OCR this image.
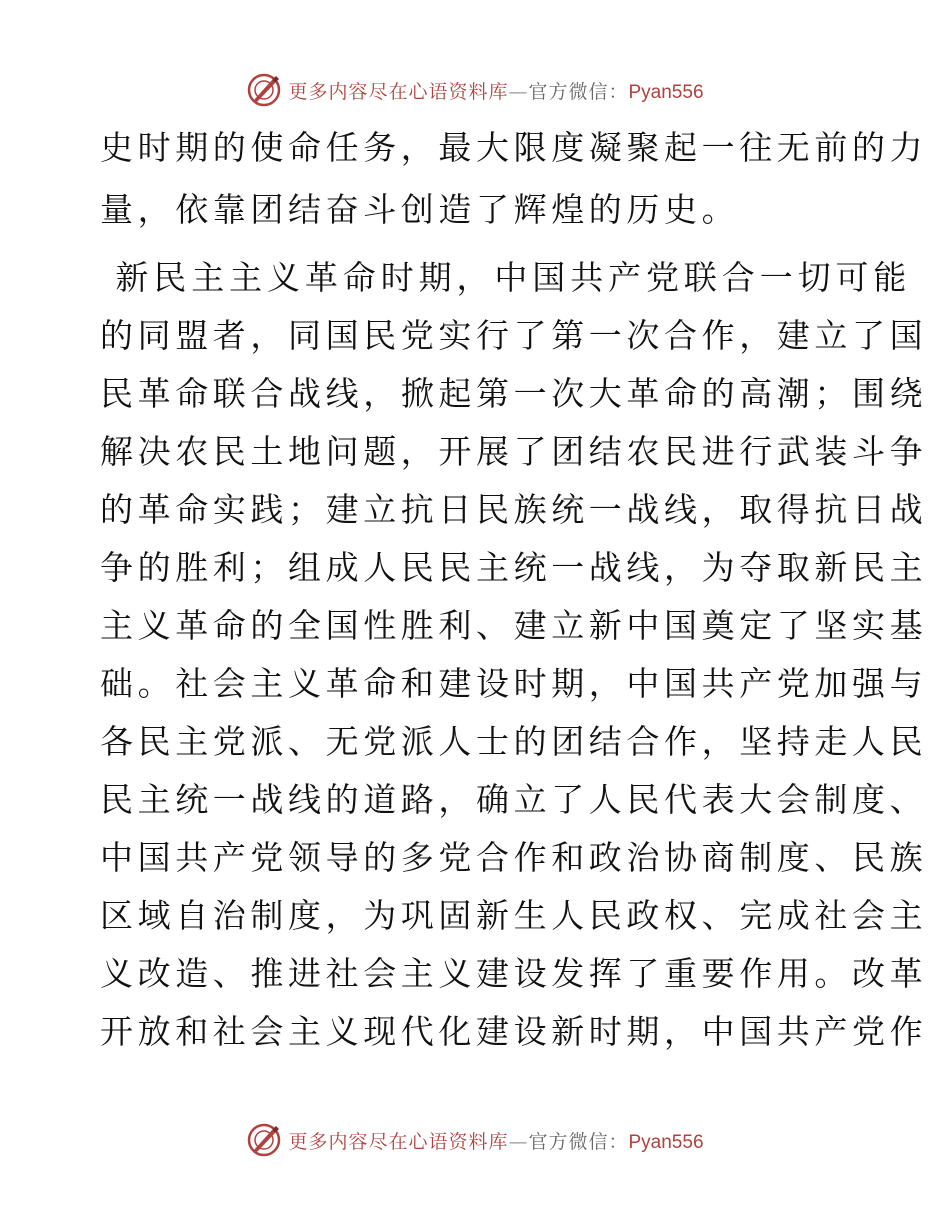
更多内容尽在心语资料库—官方微信：Pyan556
史时期的使命任务，最大限度凝聚起一往无前的力
量，依靠团结奋斗创造了辉煌的历史。
新民主主义革命时期，中国共产党联合一切可能
的同盟者，同国民党实行了第一次合作，建立了国
民革命联合战线，掀起第一次大革命的高潮；围绕
解决农民土地问题，开展了团结农民进行武装斗争
的革命实践；建立抗日民族统一战线，取得抗日战
争的胜利；组成人民民主统一战线，为夺取新民主
主义革命的全国性胜利、建立新中国奠定了坚实基
础。社会主义革命和建设时期，中国共产党加强与
各民主党派、无党派人士的团结合作，坚持走人民
民主统一战线的道路，确立了人民代表大会制度、
中国共产党领导的多党合作和政治协商制度、民族
区域自治制度，为巩固新生人民政权、完成社会主
义改造、推进社会主义建设发挥了重要作用。改革
开放和社会主义现代化建设新时期，中国共产党作
更多内容尽在心语资料库—官方微信：Pyan556
